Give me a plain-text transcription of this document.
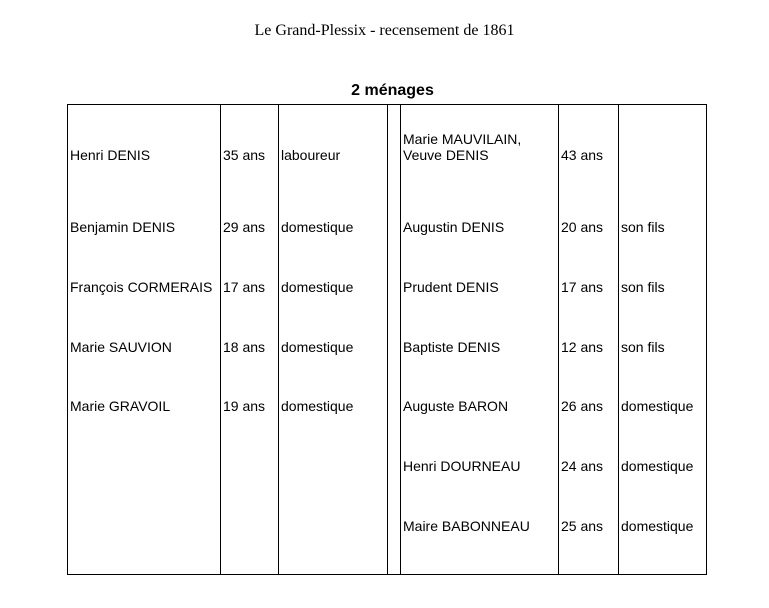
Le Grand-Plessix - recensement de 1861
2 ménages
Henri DENIS
Benjamin DENIS
François CORMERAIS
Marie SAUVION
Marie GRAVOIL
35 ans
29 ans
17 ans
18 ans
19 ans
laboureur
domestique
domestique
domestique
domestique
Marie MAUVILAIN,
Veuve DENIS
Augustin DENIS
Prudent DENIS
Baptiste DENIS
Auguste BARON
Henri DOURNEAU
Maire BABONNEAU
43 ans
20 ans
17 ans
12 ans
26 ans
24 ans
25 ans
son fils
son fils
son fils
domestique
domestique
domestique
